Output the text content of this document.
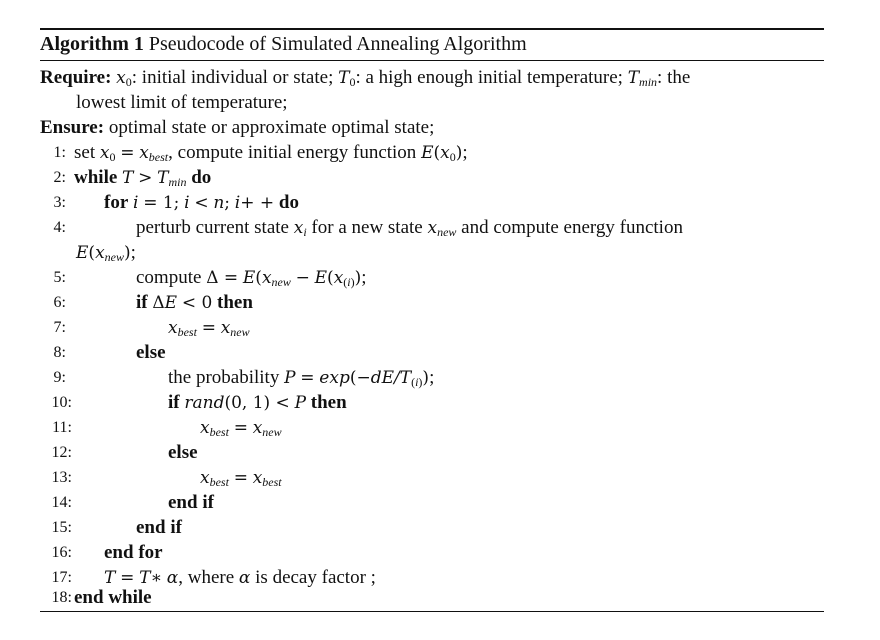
Algorithm 1 Pseudocode of Simulated Annealing Algorithm
Require: $x_0$: initial individual or state; $T_0$: a high enough initial temperature; $T_{min}$: the
lowest limit of temperature;
Ensure: optimal state or approximate optimal state;
1: set $x_0 = x_{best}$, compute initial energy function $E(x_0)$;
2: while $T > T_{min}$ do
3: for i = 1; i < n; i+ + do
4:	perturb current state $x_i$ for a new state $x_{new}$ and compute energy function
$E(x_{new})$;
5:	compute $\Delta = E(x_{new} - E(x_{(i)})$;
6:	if ΔE < 0 then
7:	$x_{best} = x_{new}$
8:	else
9:	the probability $P = \exp(-dE/T_{(i)})$;
10:	if rand(0, 1) < P then
11:	$x_{best} = x_{new}$
12:	else
13:	$x_{best} = x_{best}$
14:	end if
15:	end if
16: end for
17: T = T∗ α, where α is decay factor ;
18: end while
